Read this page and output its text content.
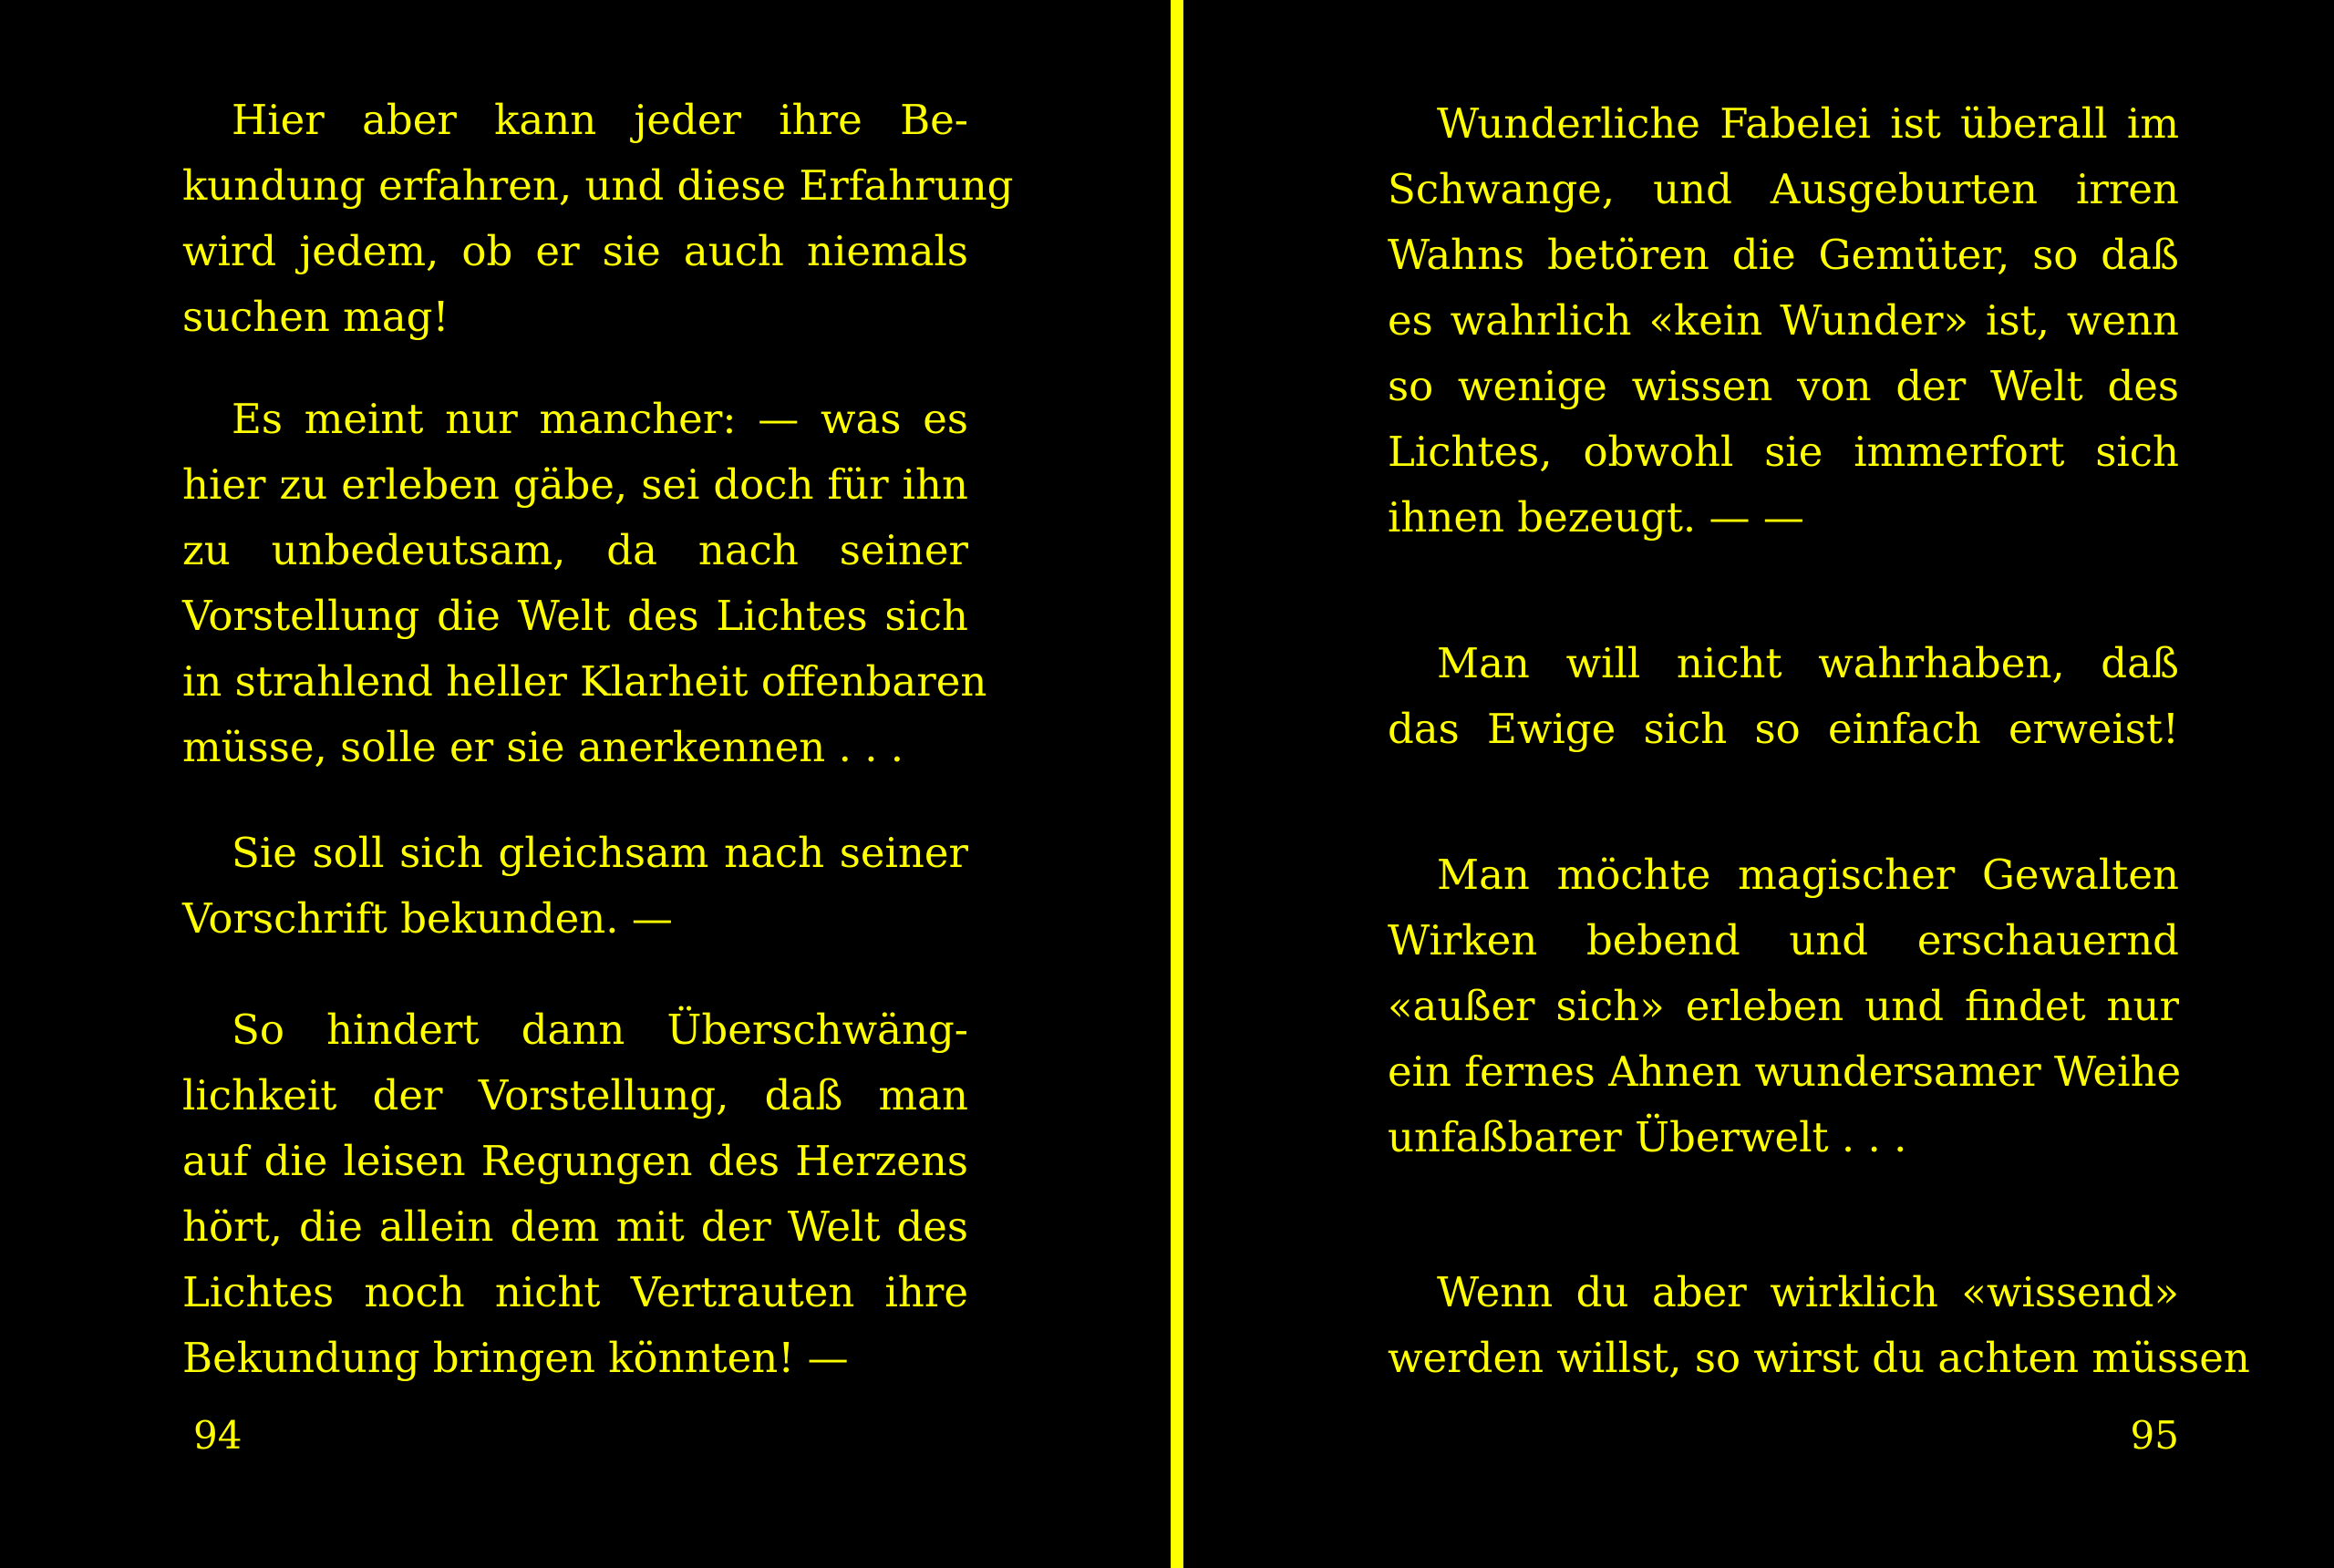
Hier aber kann jeder ihre Be-
kundung erfahren, und diese Erfahrung
wird jedem, ob er sie auch niemals
suchen mag!

Es meint nur mancher: — was es
hier zu erleben gäbe, sei doch für ihn
zu unbedeutsam, da nach seiner
Vorstellung die Welt des Lichtes sich
in strahlend heller Klarheit offenbaren
müsse, solle er sie anerkennen . . .

Sie soll sich gleichsam nach seiner
Vorschrift bekunden. —

So hindert dann Überschwäng-
lichkeit der Vorstellung, daß man
auf die leisen Regungen des Herzens
hört, die allein dem mit der Welt des
Lichtes noch nicht Vertrauten ihre
Bekundung bringen könnten! —

94

Wunderliche Fabelei ist überall im
Schwange, und Ausgeburten irren
Wahns betören die Gemüter, so daß
es wahrlich «kein Wunder» ist, wenn
so wenige wissen von der Welt des
Lichtes, obwohl sie immerfort sich
ihnen bezeugt. — —

Man will nicht wahrhaben, daß
das Ewige sich so einfach erweist!

Man möchte magischer Gewalten
Wirken bebend und erschauernd
«außer sich» erleben und findet nur
ein fernes Ahnen wundersamer Weihe
unfaßbarer Überwelt . . .

Wenn du aber wirklich «wissend»
werden willst, so wirst du achten müssen

95
